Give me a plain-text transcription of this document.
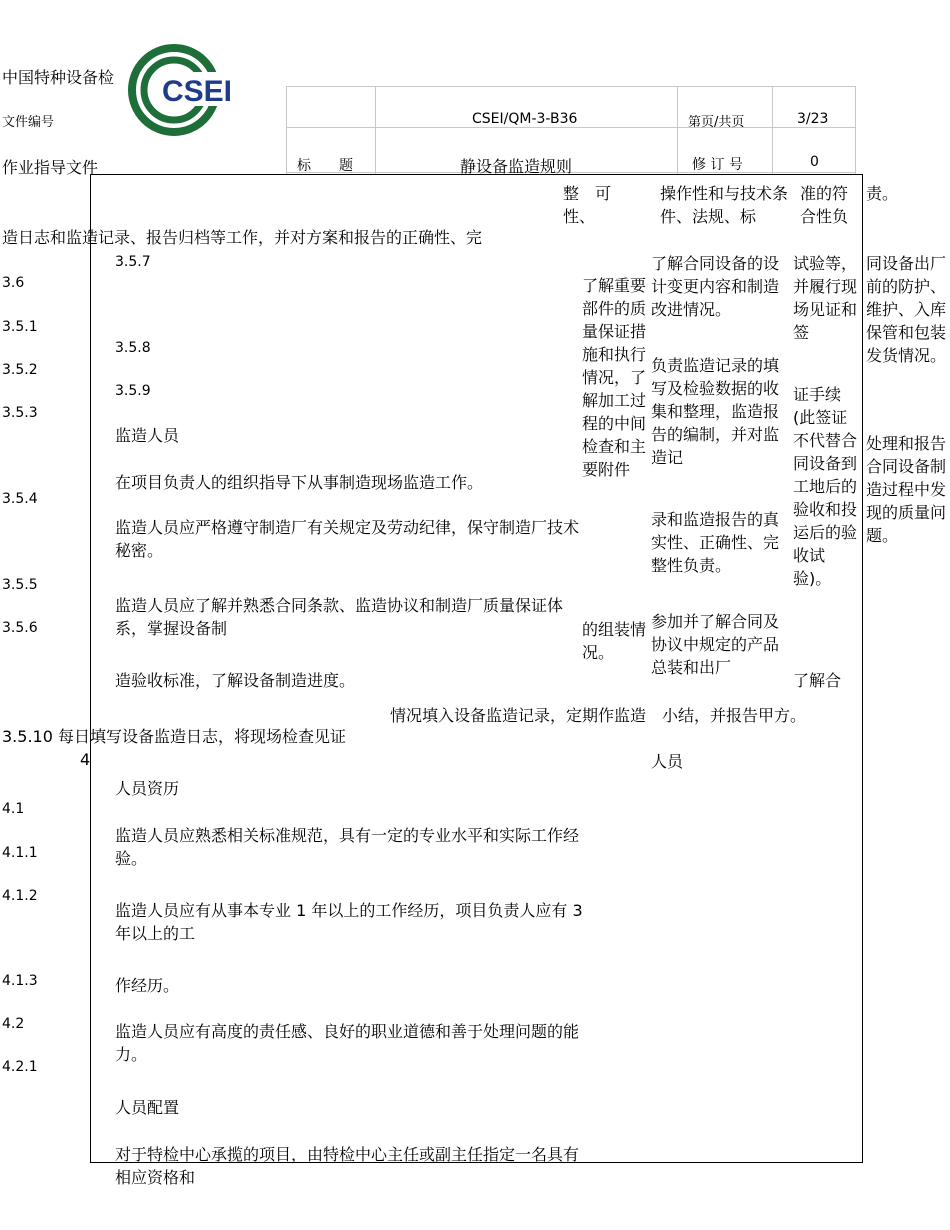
中国特种设备检 CSEI
文件编号
作业指导文件
CSEI/QM-3-B36	第页/共页	3/23
标　　题	静设备监造规则	修 订 号	0
造日志和监造记录、报告归档等工作，并对方案和报告的正确性、完
3.6
3.5.1
3.5.2
3.5.3
3.5.4
3.5.5
3.5.6
4.1
4.1.1
4.1.2
4.1.3
4.2
4.2.1
3.5.7
3.5.8
3.5.9
监造人员
在项目负责人的组织指导下从事制造现场监造工作。
监造人员应严格遵守制造厂有关规定及劳动纪律，保守制造厂技术秘密。
监造人员应了解并熟悉合同条款、监造协议和制造厂质量保证体系，掌握设备制
造验收标准，了解设备制造进度。
人员资历
监造人员应熟悉相关标准规范，具有一定的专业水平和实际工作经验。
监造人员应有从事本专业 1 年以上的工作经历，项目负责人应有 3 年以上的工
作经历。
监造人员应有高度的责任感、良好的职业道德和善于处理问题的能力。
人员配置
对于特检中心承揽的项目，由特检中心主任或副主任指定一名具有相应资格和
整　可性、
了解重要部件的质量保证措施和执行情况，了解加工过程的中间检查和主要附件
的组装情况。
操作性和与技术条件、法规、标
了解合同设备的设计变更内容和制造改进情况。
负责监造记录的填写及检验数据的收集和整理，监造报告的编制，并对监造记
录和监造报告的真实性、正确性、完整性负责。
参加并了解合同及协议中规定的产品总装和出厂
人员
准的符合性负
试验等，并履行现场见证和签
证手续(此签证不代替合同设备到工地后的验收和投运后的验收试验)。
了解合
责。
同设备出厂前的防护、维护、入库保管和包装发货情况。
处理和报告合同设备制造过程中发现的质量问题。
情况填入设备监造记录，定期作监造　小结，并报告甲方。
3.5.10 每日填写设备监造日志，将现场检查见证
4
